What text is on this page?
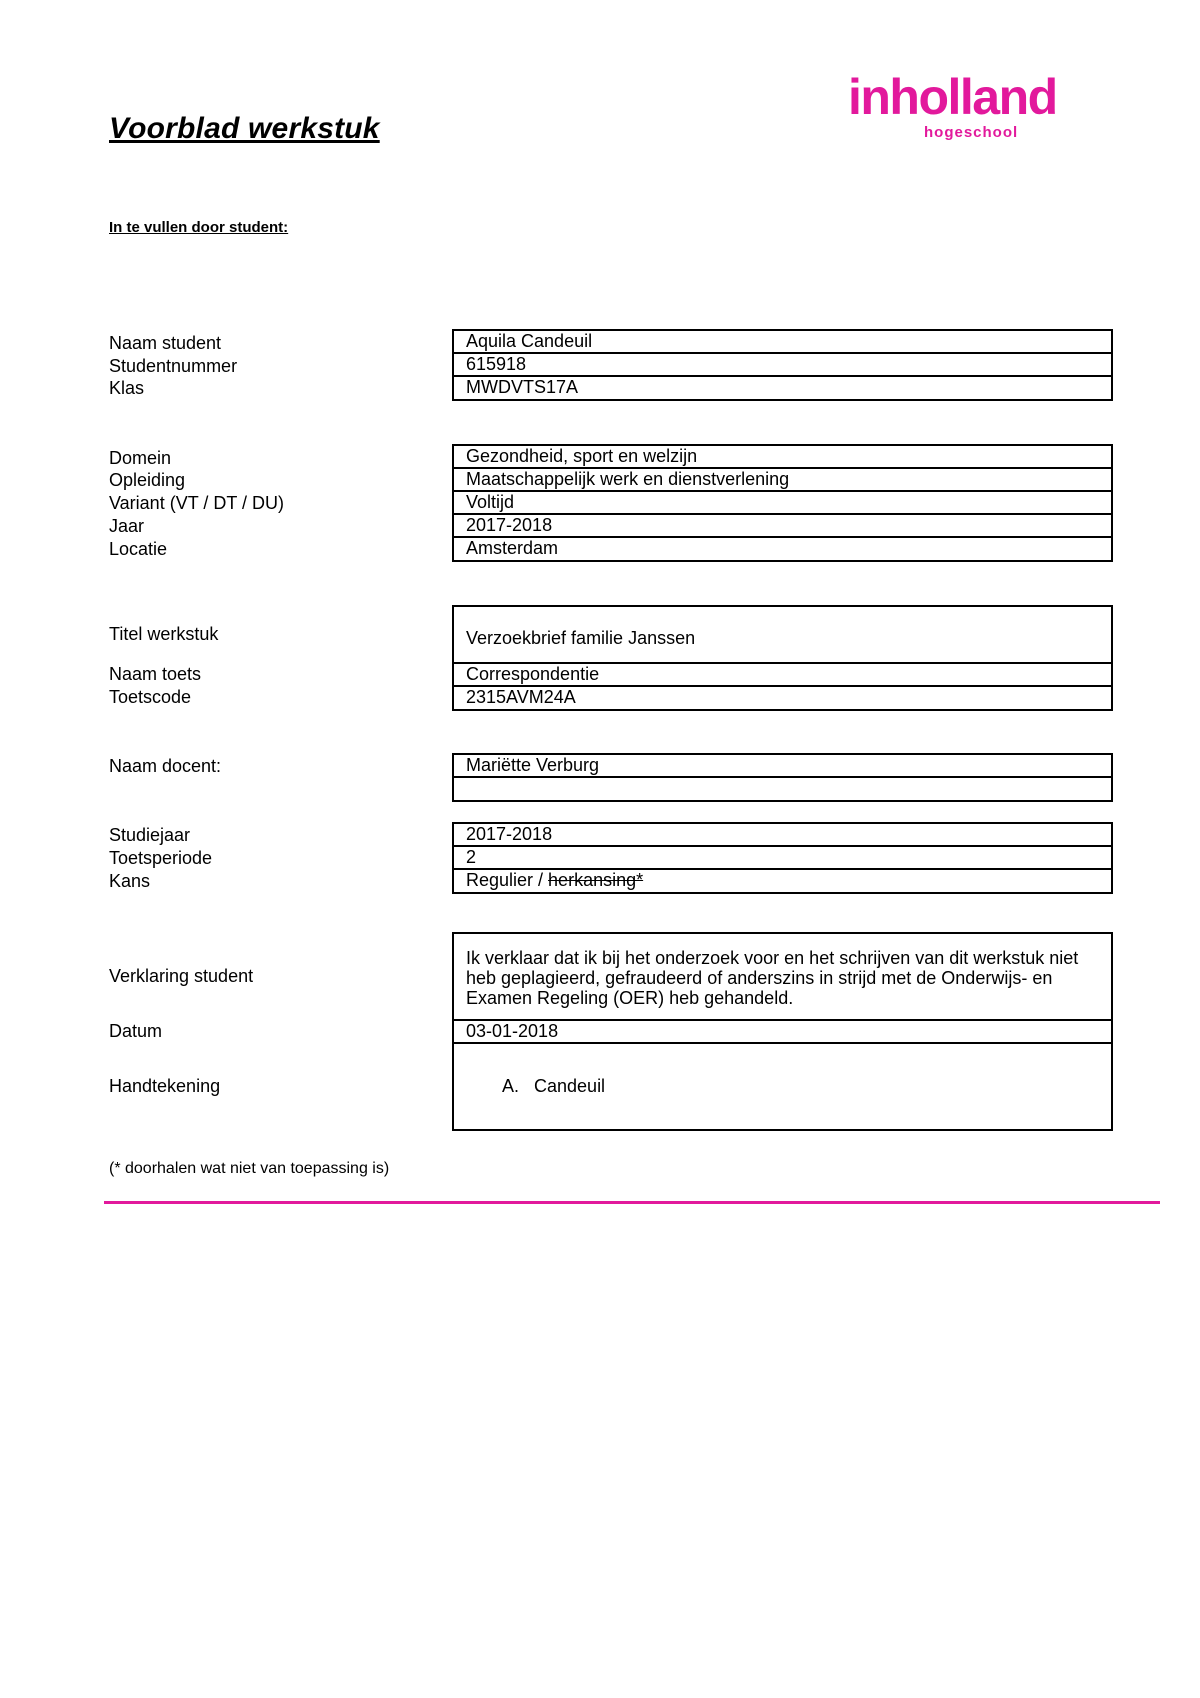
Voorblad werkstuk
In te vullen door student:
inholland
hogeschool
Naam student
Studentnummer
Klas
Aquila Candeuil
615918
MWDVTS17A
Domein
Opleiding
Variant (VT / DT / DU)
Jaar
Locatie
Gezondheid, sport en welzijn
Maatschappelijk werk en dienstverlening
Voltijd
2017-2018
Amsterdam
Titel werkstuk
Naam toets
Toetscode
Verzoekbrief familie Janssen
Correspondentie
2315AVM24A
Naam docent:	Mariëtte Verburg
Studiejaar
Toetsperiode
Kans
2017-2018
2
Regulier / herkansing*
Verklaring student
Datum
Handtekening
Ik verklaar dat ik bij het onderzoek voor en het schrijven van dit werkstuk niet
heb geplagieerd, gefraudeerd of anderszins in strijd met de Onderwijs- en
Examen Regeling (OER) heb gehandeld.
03-01-2018
A.   Candeuil
(* doorhalen wat niet van toepassing is)
